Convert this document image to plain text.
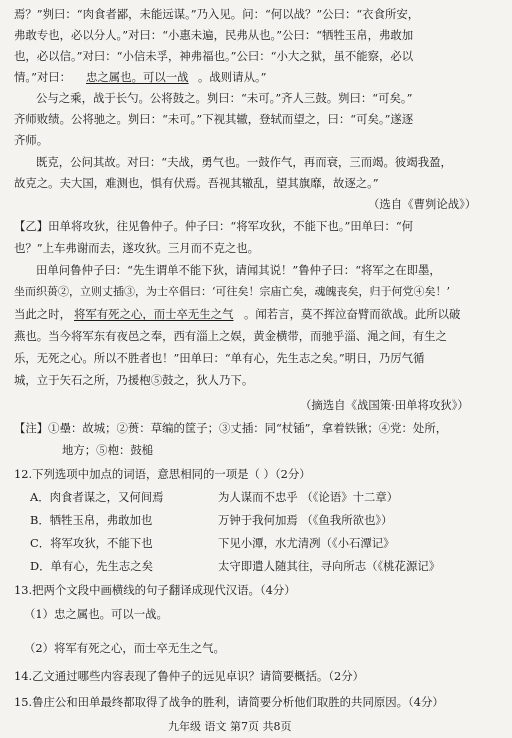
焉？”刿曰：“肉食者鄙，未能远谋。”乃入见。问：“何以战？”公曰：“衣食所安，
弗敢专也，必以分人。”对曰：“小惠未遍，民弗从也。”公曰：“牺牲玉帛，弗敢加
也，必以信。”对曰：“小信未孚，神弗福也。”公曰：“小大之狱，虽不能察，必以
情。”对曰： 忠之属也。可以一战 。战则请从。”
公与之乘，战于长勺。公将鼓之。刿曰：“未可。”齐人三鼓。刿曰：“可矣。”
齐师败绩。公将驰之。刿曰：“未可。”下视其辙，登轼而望之，曰：“可矣。”遂逐
齐师。
既克，公问其故。对曰：“夫战，勇气也。一鼓作气，再而衰，三而竭。彼竭我盈，
故克之。夫大国，难测也，惧有伏焉。吾视其辙乱，望其旗靡，故逐之。”
（选自《曹刿论战》）
【乙】田单将攻狄，往见鲁仲子。仲子曰：“将军攻狄，不能下也。”田单曰：“何
也？”上车弗谢而去，遂攻狄。三月而不克之也。
田单问鲁仲子曰：“先生谓单不能下狄，请闻其说！”鲁仲子曰：“将军之在即墨，
坐而织蒉②，立则丈插③，为士卒倡曰：‘可往矣！宗庙亡矣，魂魄丧矣，归于何党④矣！’
当此之时， 将军有死之心，而士卒无生之气 。闻若言，莫不挥泣奋臂而欲战。此所以破
燕也。当今将军东有夜邑之奉，西有淄上之娱，黄金横带，而驰乎淄、渑之间，有生之
乐，无死之心。所以不胜者也！”田单曰：“单有心，先生志之矣。”明日，乃厉气循
城，立于矢石之所，乃援枹⑤鼓之，狄人乃下。
（摘选自《战国策·田单将攻狄》）
【注】①壘：故城；②蒉：草编的筐子；③丈插：同“杖锸”，拿着铁锹；④党：处所，
地方；⑤枹：鼓槌
12.下列选项中加点的词语，意思相同的一项是（ ）（2分）
A．肉食者谋之，又何间焉	为人谋而不忠乎 （《论语》十二章）
B．牺牲玉帛，弗敢加也	万钟于我何加焉 （《鱼我所欲也》）
C．将军攻狄，不能下也	下见小潭，水尤清冽（《小石潭记》
D．单有心，先生志之矣	太守即遣人随其往，寻向所志（《桃花源记》
13.把两个文段中画横线的句子翻译成现代汉语。（4分）
（1）忠之属也。可以一战。
（2）将军有死之心，而士卒无生之气。
14.乙文通过哪些内容表现了鲁仲子的远见卓识？请简要概括。（2分）
15.鲁庄公和田单最终都取得了战争的胜利，请简要分析他们取胜的共同原因。（4分）
九年级 语文 第7页 共8页
